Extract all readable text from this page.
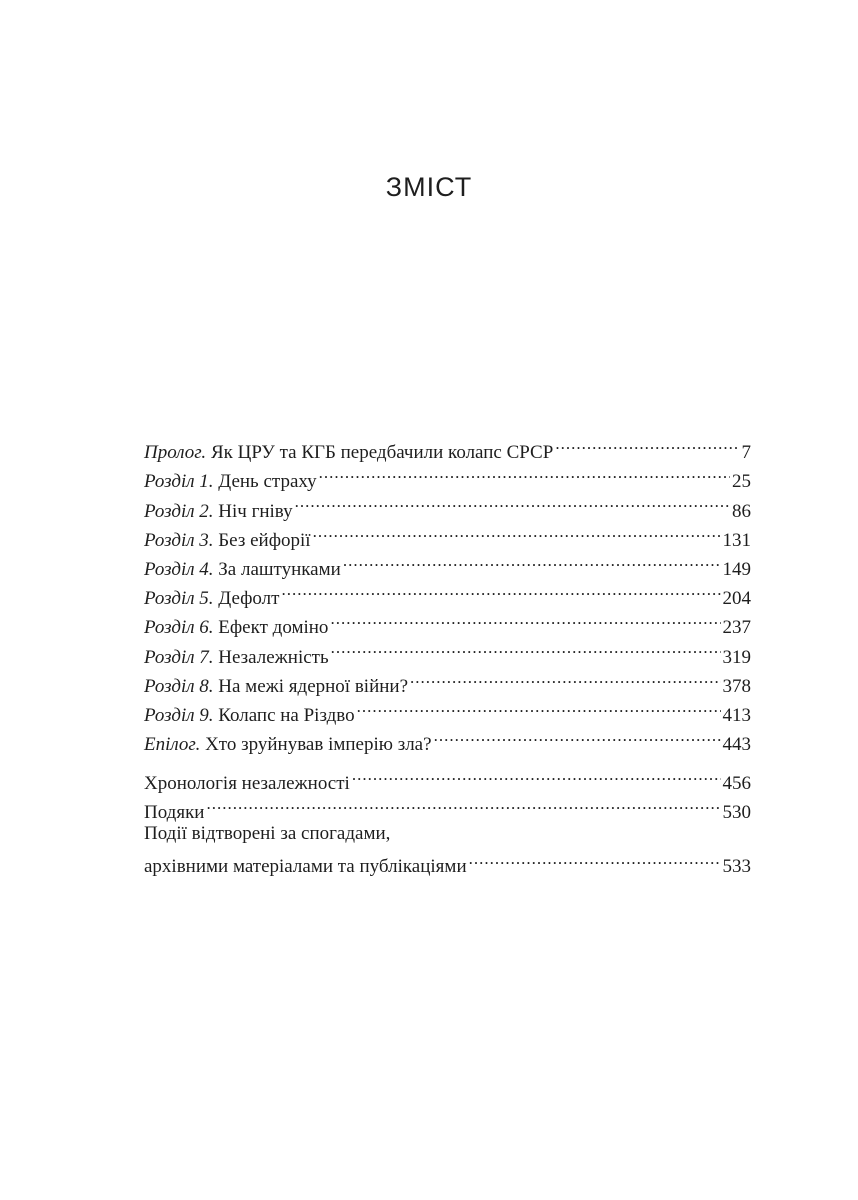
ЗМІСТ
Пролог. Як ЦРУ та КГБ передбачили колапс СРСР .....	7
Розділ 1. День страху .....	25
Розділ 2. Ніч гніву .....	86
Розділ 3. Без ейфорії .....	131
Розділ 4. За лаштунками .....	149
Розділ 5. Дефолт .....	204
Розділ 6. Ефект доміно .....	237
Розділ 7. Незалежність .....	319
Розділ 8. На межі ядерної війни? .....	378
Розділ 9. Колапс на Різдво .....	413
Епілог. Хто зруйнував імперію зла? .....	443
Хронологія незалежності .....	456
Подяки .....	530
Події відтворені за спогадами,
архівними матеріалами та публікаціями .....	533
